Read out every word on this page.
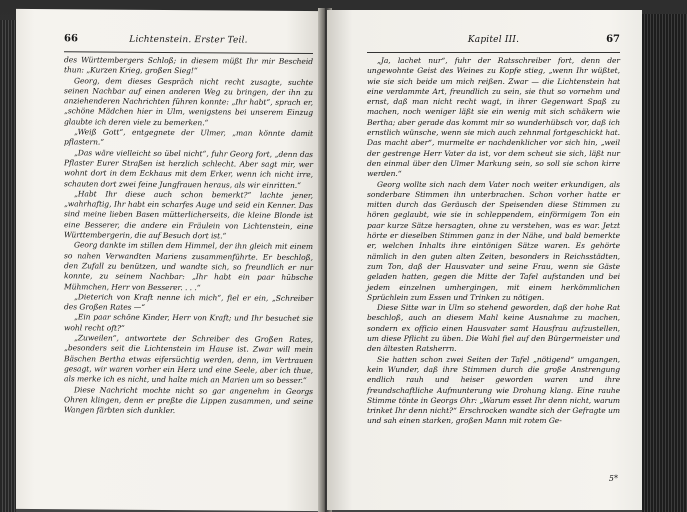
66	Lichtenstein. Erster Teil.

des Württembergers Schloß; in diesem müßt Ihr mir Bescheid thun: „Kurzen Krieg, großen Sieg!“

Georg, dem dieses Gespräch nicht recht zusagte, suchte seinen Nachbar auf einen anderen Weg zu bringen, der ihn zu anziehenderen Nachrichten führen konnte: „Ihr habt“, sprach er, „schöne Mädchen hier in Ulm, wenigstens bei unserem Einzug glaubte ich deren viele zu bemerken.“

„Weiß Gott“, entgegnete der Ulmer, „man könnte damit pflastern.“

„Das wäre vielleicht so übel nicht“, fuhr Georg fort, „denn das Pflaster Eurer Straßen ist herzlich schlecht. Aber sagt mir, wer wohnt dort in dem Eckhaus mit dem Erker, wenn ich nicht irre, schauten dort zwei feine Jungfrauen heraus, als wir einritten.“

„Habt Ihr diese auch schon bemerkt?“ lachte jener, „wahrhaftig, Ihr habt ein scharfes Auge und seid ein Kenner. Das sind meine lieben Basen mütterlicherseits, die kleine Blonde ist eine Besserer, die andere ein Fräulein von Lichtenstein, eine Württembergerin, die auf Besuch dort ist.“

Georg dankte im stillen dem Himmel, der ihn gleich mit einem so nahen Verwandten Mariens zusammenführte. Er beschloß, den Zufall zu benützen, und wandte sich, so freundlich er nur konnte, zu seinem Nachbar: „Ihr habt ein paar hübsche Mühmchen, Herr von Besserer. . . .“

„Dieterich von Kraft nenne ich mich“, fiel er ein, „Schreiber des Großen Rates —“

„Ein paar schöne Kinder, Herr von Kraft; und Ihr besuchet sie wohl recht oft?“

„Zuweilen“, antwortete der Schreiber des Großen Rates, „besonders seit die Lichtenstein im Hause ist. Zwar will mein Bäschen Bertha etwas eifersüchtig werden, denn, im Vertrauen gesagt, wir waren vorher ein Herz und eine Seele, aber ich thue, als merke ich es nicht, und halte mich an Marien um so besser.“

Diese Nachricht mochte nicht so gar angenehm in Georgs Ohren klingen, denn er preßte die Lippen zusammen, und seine Wangen färbten sich dunkler.

Kapitel III.	67

„Ja, lachet nur“, fuhr der Ratsschreiber fort, denn der ungewohnte Geist des Weines zu Kopfe stieg, „wenn Ihr wüßtet, wie sie sich beide um mich reißen. Zwar — die Lichtenstein hat eine verdammte Art, freundlich zu sein, sie thut so vornehm und ernst, daß man nicht recht wagt, in ihrer Gegenwart Spaß zu machen, noch weniger läßt sie ein wenig mit sich schäkern wie Bertha; aber gerade das kommt mir so wunderhübsch vor, daß ich ernstlich wünsche, wenn sie mich auch zehnmal fortgeschickt hat. Das macht aber“, murmelte er nachdenklicher vor sich hin, „weil der gestrenge Herr Vater da ist, vor dem scheut sie sich, läßt nur den einmal über den Ulmer Markung sein, so soll sie schon kirre werden.“

Georg wollte sich nach dem Vater noch weiter erkundigen, als sonderbare Stimmen ihn unterbrachen. Schon vorher hatte er mitten durch das Geräusch der Speisenden diese Stimmen zu hören geglaubt, wie sie in schleppendem, einförmigem Ton ein paar kurze Sätze hersagten, ohne zu verstehen, was es war. Jetzt hörte er dieselben Stimmen ganz in der Nähe, und bald bemerkte er, welchen Inhalts ihre eintönigen Sätze waren. Es gehörte nämlich in den guten alten Zeiten, besonders in Reichsstädten, zum Ton, daß der Hausvater und seine Frau, wenn sie Gäste geladen hatten, gegen die Mitte der Tafel aufstanden und bei jedem einzelnen umhergingen, mit einem herkömmlichen Sprüchlein zum Essen und Trinken zu nötigen.

Diese Sitte war in Ulm so stehend geworden, daß der hohe Rat beschloß, auch an diesem Mahl keine Ausnahme zu machen, sondern ex officio einen Hausvater samt Hausfrau aufzustellen, um diese Pflicht zu üben. Die Wahl fiel auf den Bürgermeister und den ältesten Ratsherrn.

Sie hatten schon zwei Seiten der Tafel „nötigend“ umgangen, kein Wunder, daß ihre Stimmen durch die große Anstrengung endlich rauh und heiser geworden waren und ihre freundschaftliche Aufmunterung wie Drohung klang. Eine rauhe Stimme tönte in Georgs Ohr: „Warum esset Ihr denn nicht, warum trinket Ihr denn nicht?“ Erschrocken wandte sich der Gefragte um und sah einen starken, großen Mann mit rotem Ge-

5*
